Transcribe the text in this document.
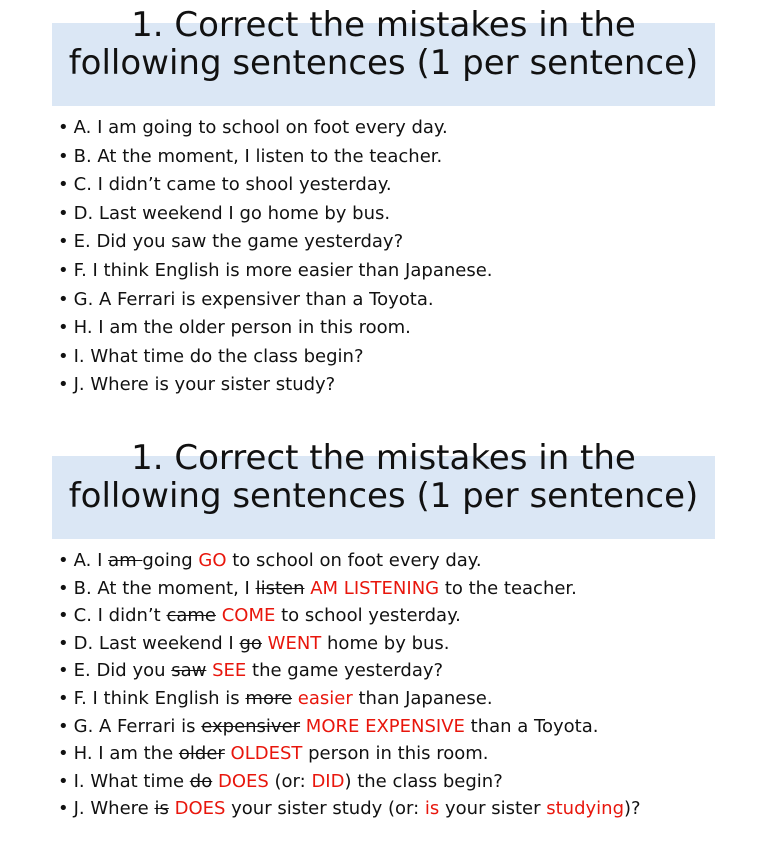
1. Correct the mistakes in the following sentences (1 per sentence)
• A. I am going to school on foot every day.
• B. At the moment, I listen to the teacher.
• C. I didn’t came to shool yesterday.
• D. Last weekend I go home by bus.
• E. Did you saw the game yesterday?
• F. I think English is more easier than Japanese.
• G. A Ferrari is expensiver than a Toyota.
• H. I am the older person in this room.
• I. What time do the class begin?
• J. Where is your sister study?
1. Correct the mistakes in the following sentences (1 per sentence)
• A. I am going GO to school on foot every day.
• B. At the moment, I listen AM LISTENING to the teacher.
• C. I didn’t came COME to school yesterday.
• D. Last weekend I go WENT home by bus.
• E. Did you saw SEE the game yesterday?
• F. I think English is more easier than Japanese.
• G. A Ferrari is expensiver MORE EXPENSIVE than a Toyota.
• H. I am the older OLDEST person in this room.
• I. What time do DOES (or: DID) the class begin?
• J. Where is DOES your sister study (or: is your sister studying)?
